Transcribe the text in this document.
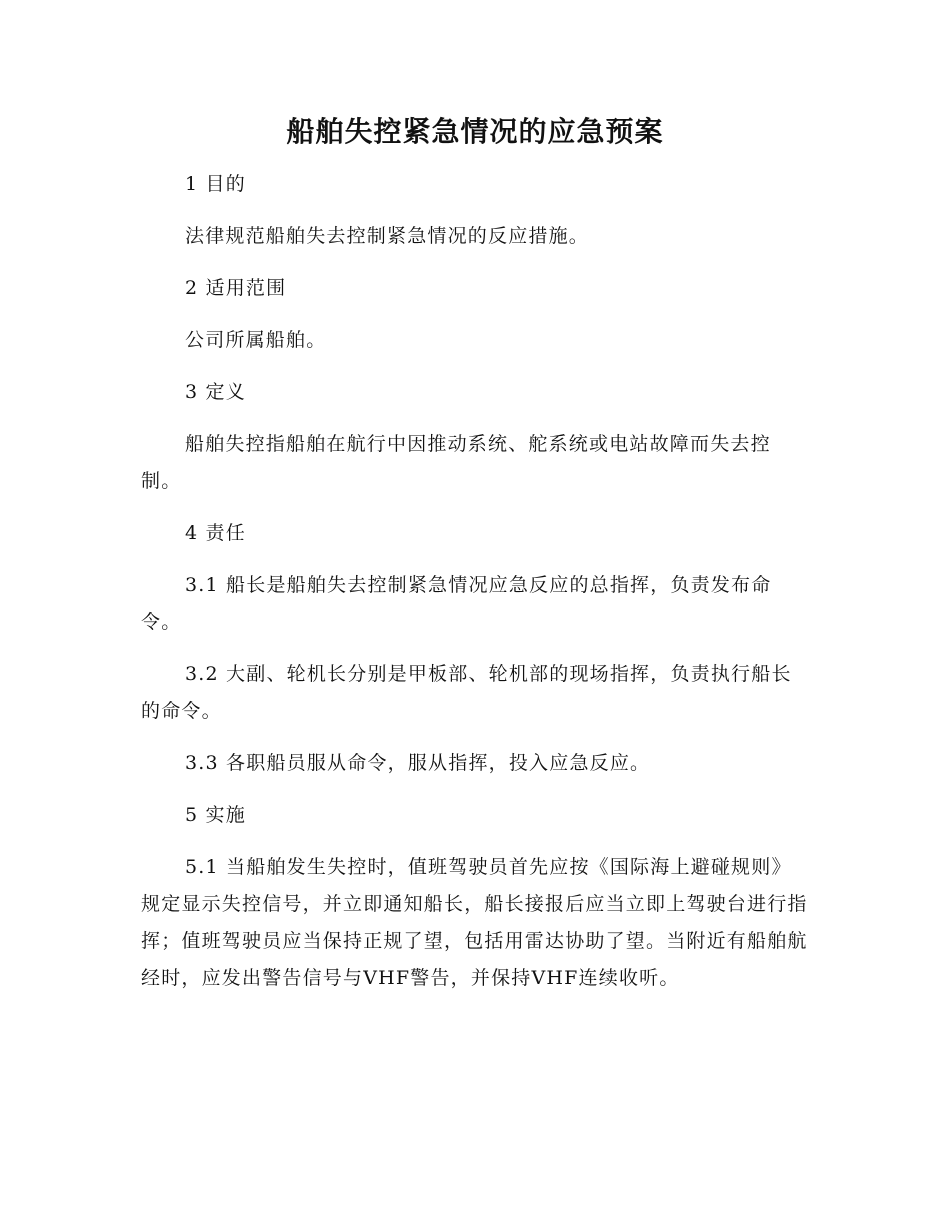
船舶失控紧急情况的应急预案

1 目的

法律规范船舶失去控制紧急情况的反应措施。

2 适用范围

公司所属船舶。

3 定义

船舶失控指船舶在航行中因推动系统、舵系统或电站故障而失去控制。

4 责任

3.1 船长是船舶失去控制紧急情况应急反应的总指挥，负责发布命令。

3.2 大副、轮机长分别是甲板部、轮机部的现场指挥，负责执行船长的命令。

3.3 各职船员服从命令，服从指挥，投入应急反应。

5 实施

5.1 当船舶发生失控时，值班驾驶员首先应按《国际海上避碰规则》规定显示失控信号，并立即通知船长，船长接报后应当立即上驾驶台进行指挥；值班驾驶员应当保持正规了望，包括用雷达协助了望。当附近有船舶航经时，应发出警告信号与VHF警告，并保持VHF连续收听。
